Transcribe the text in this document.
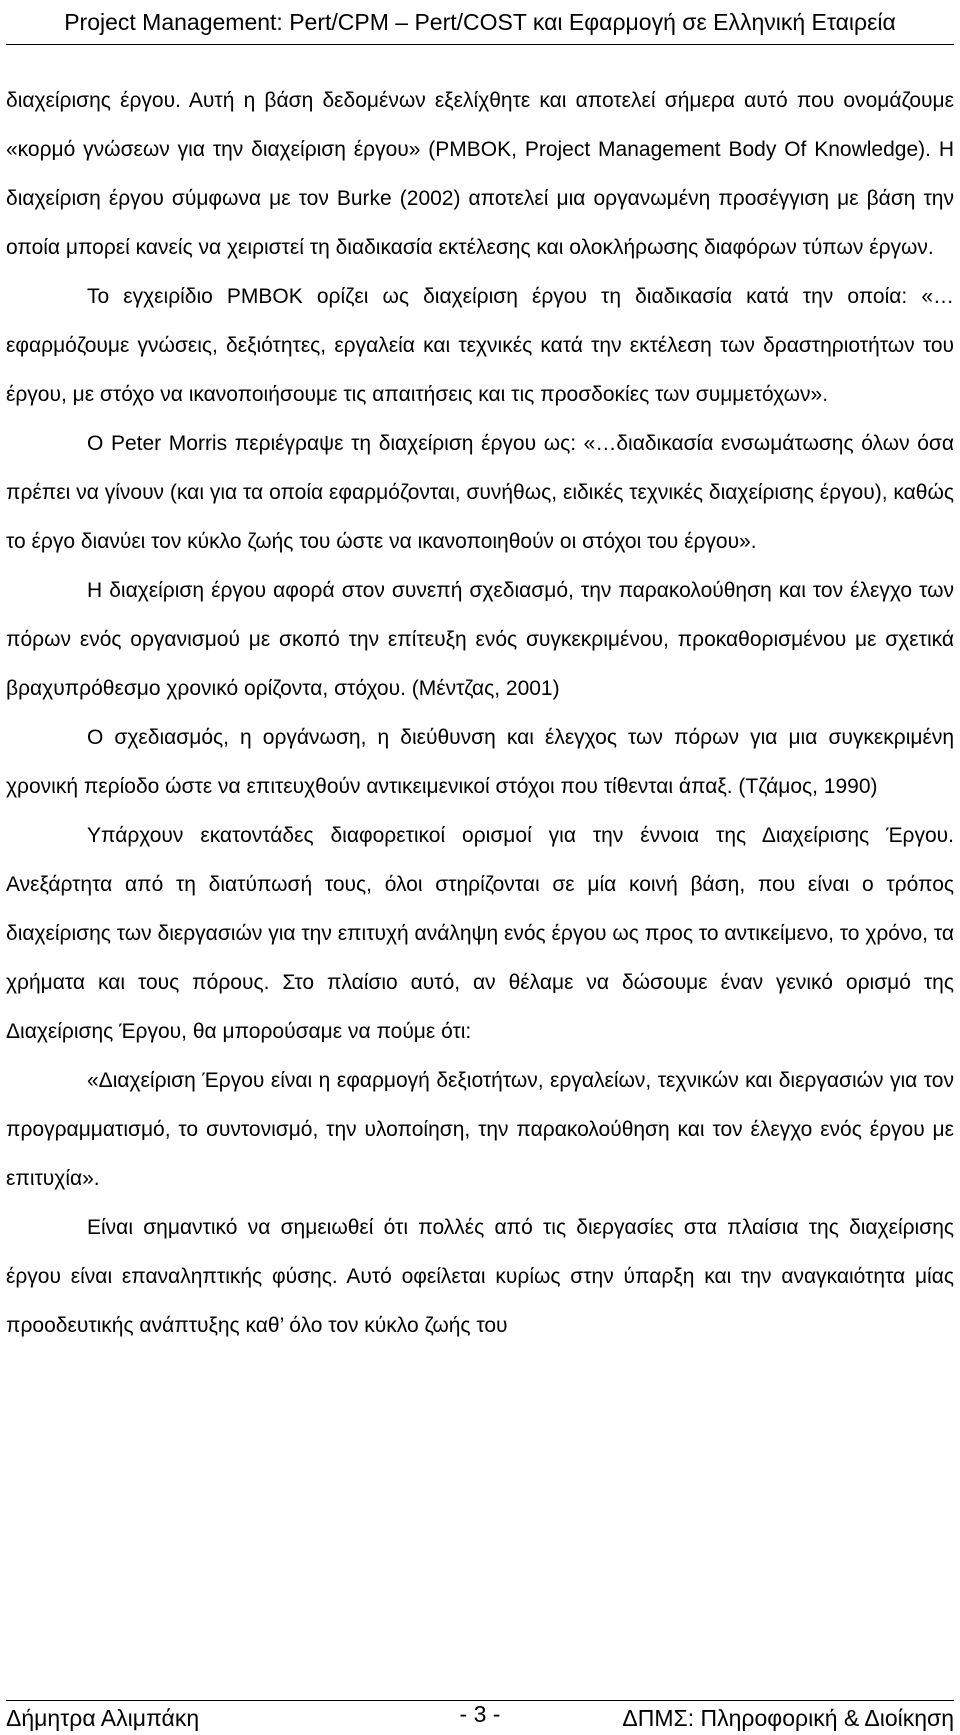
Project Management: Pert/CPM – Pert/COST και Εφαρμογή σε Ελληνική Εταιρεία

διαχείρισης έργου. Αυτή η βάση δεδομένων εξελίχθητε και αποτελεί σήμερα αυτό που ονομάζουμε «κορμό γνώσεων για την διαχείριση έργου» (PMBOK, Project Management Body Of Knowledge). Η διαχείριση έργου σύμφωνα με τον Burke (2002) αποτελεί μια οργανωμένη προσέγγιση με βάση την οποία μπορεί κανείς να χειριστεί τη διαδικασία εκτέλεσης και ολοκλήρωσης διαφόρων τύπων έργων.

Το εγχειρίδιο PMBOK ορίζει ως διαχείριση έργου τη διαδικασία κατά την οποία: «…εφαρμόζουμε γνώσεις, δεξιότητες, εργαλεία και τεχνικές κατά την εκτέλεση των δραστηριοτήτων του έργου, με στόχο να ικανοποιήσουμε τις απαιτήσεις και τις προσδοκίες των συμμετόχων».

Ο Peter Morris περιέγραψε τη διαχείριση έργου ως: «…διαδικασία ενσωμάτωσης όλων όσα πρέπει να γίνουν (και για τα οποία εφαρμόζονται, συνήθως, ειδικές τεχνικές διαχείρισης έργου), καθώς το έργο διανύει τον κύκλο ζωής του ώστε να ικανοποιηθούν οι στόχοι του έργου».

Η διαχείριση έργου αφορά στον συνεπή σχεδιασμό, την παρακολούθηση και τον έλεγχο των πόρων ενός οργανισμού με σκοπό την επίτευξη ενός συγκεκριμένου, προκαθορισμένου με σχετικά βραχυπρόθεσμο χρονικό ορίζοντα, στόχου. (Μέντζας, 2001)

Ο σχεδιασμός, η οργάνωση, η διεύθυνση και έλεγχος των πόρων για μια συγκεκριμένη χρονική περίοδο ώστε να επιτευχθούν αντικειμενικοί στόχοι που τίθενται άπαξ. (Τζάμος, 1990)

Υπάρχουν εκατοντάδες διαφορετικοί ορισμοί για την έννοια της Διαχείρισης Έργου. Ανεξάρτητα από τη διατύπωσή τους, όλοι στηρίζονται σε μία κοινή βάση, που είναι ο τρόπος διαχείρισης των διεργασιών για την επιτυχή ανάληψη ενός έργου ως προς το αντικείμενο, το χρόνο, τα χρήματα και τους πόρους. Στο πλαίσιο αυτό, αν θέλαμε να δώσουμε έναν γενικό ορισμό της Διαχείρισης Έργου, θα μπορούσαμε να πούμε ότι:

«Διαχείριση Έργου είναι η εφαρμογή δεξιοτήτων, εργαλείων, τεχνικών και διεργασιών για τον προγραμματισμό, το συντονισμό, την υλοποίηση, την παρακολούθηση και τον έλεγχο ενός έργου με επιτυχία».

Είναι σημαντικό να σημειωθεί ότι πολλές από τις διεργασίες στα πλαίσια της διαχείρισης έργου είναι επαναληπτικής φύσης. Αυτό οφείλεται κυρίως στην ύπαρξη και την αναγκαιότητα μίας προοδευτικής ανάπτυξης καθ’ όλο τον κύκλο ζωής του

Δήμητρα Αλιμπάκη	- 3 -	ΔΠΜΣ: Πληροφορική & Διοίκηση
